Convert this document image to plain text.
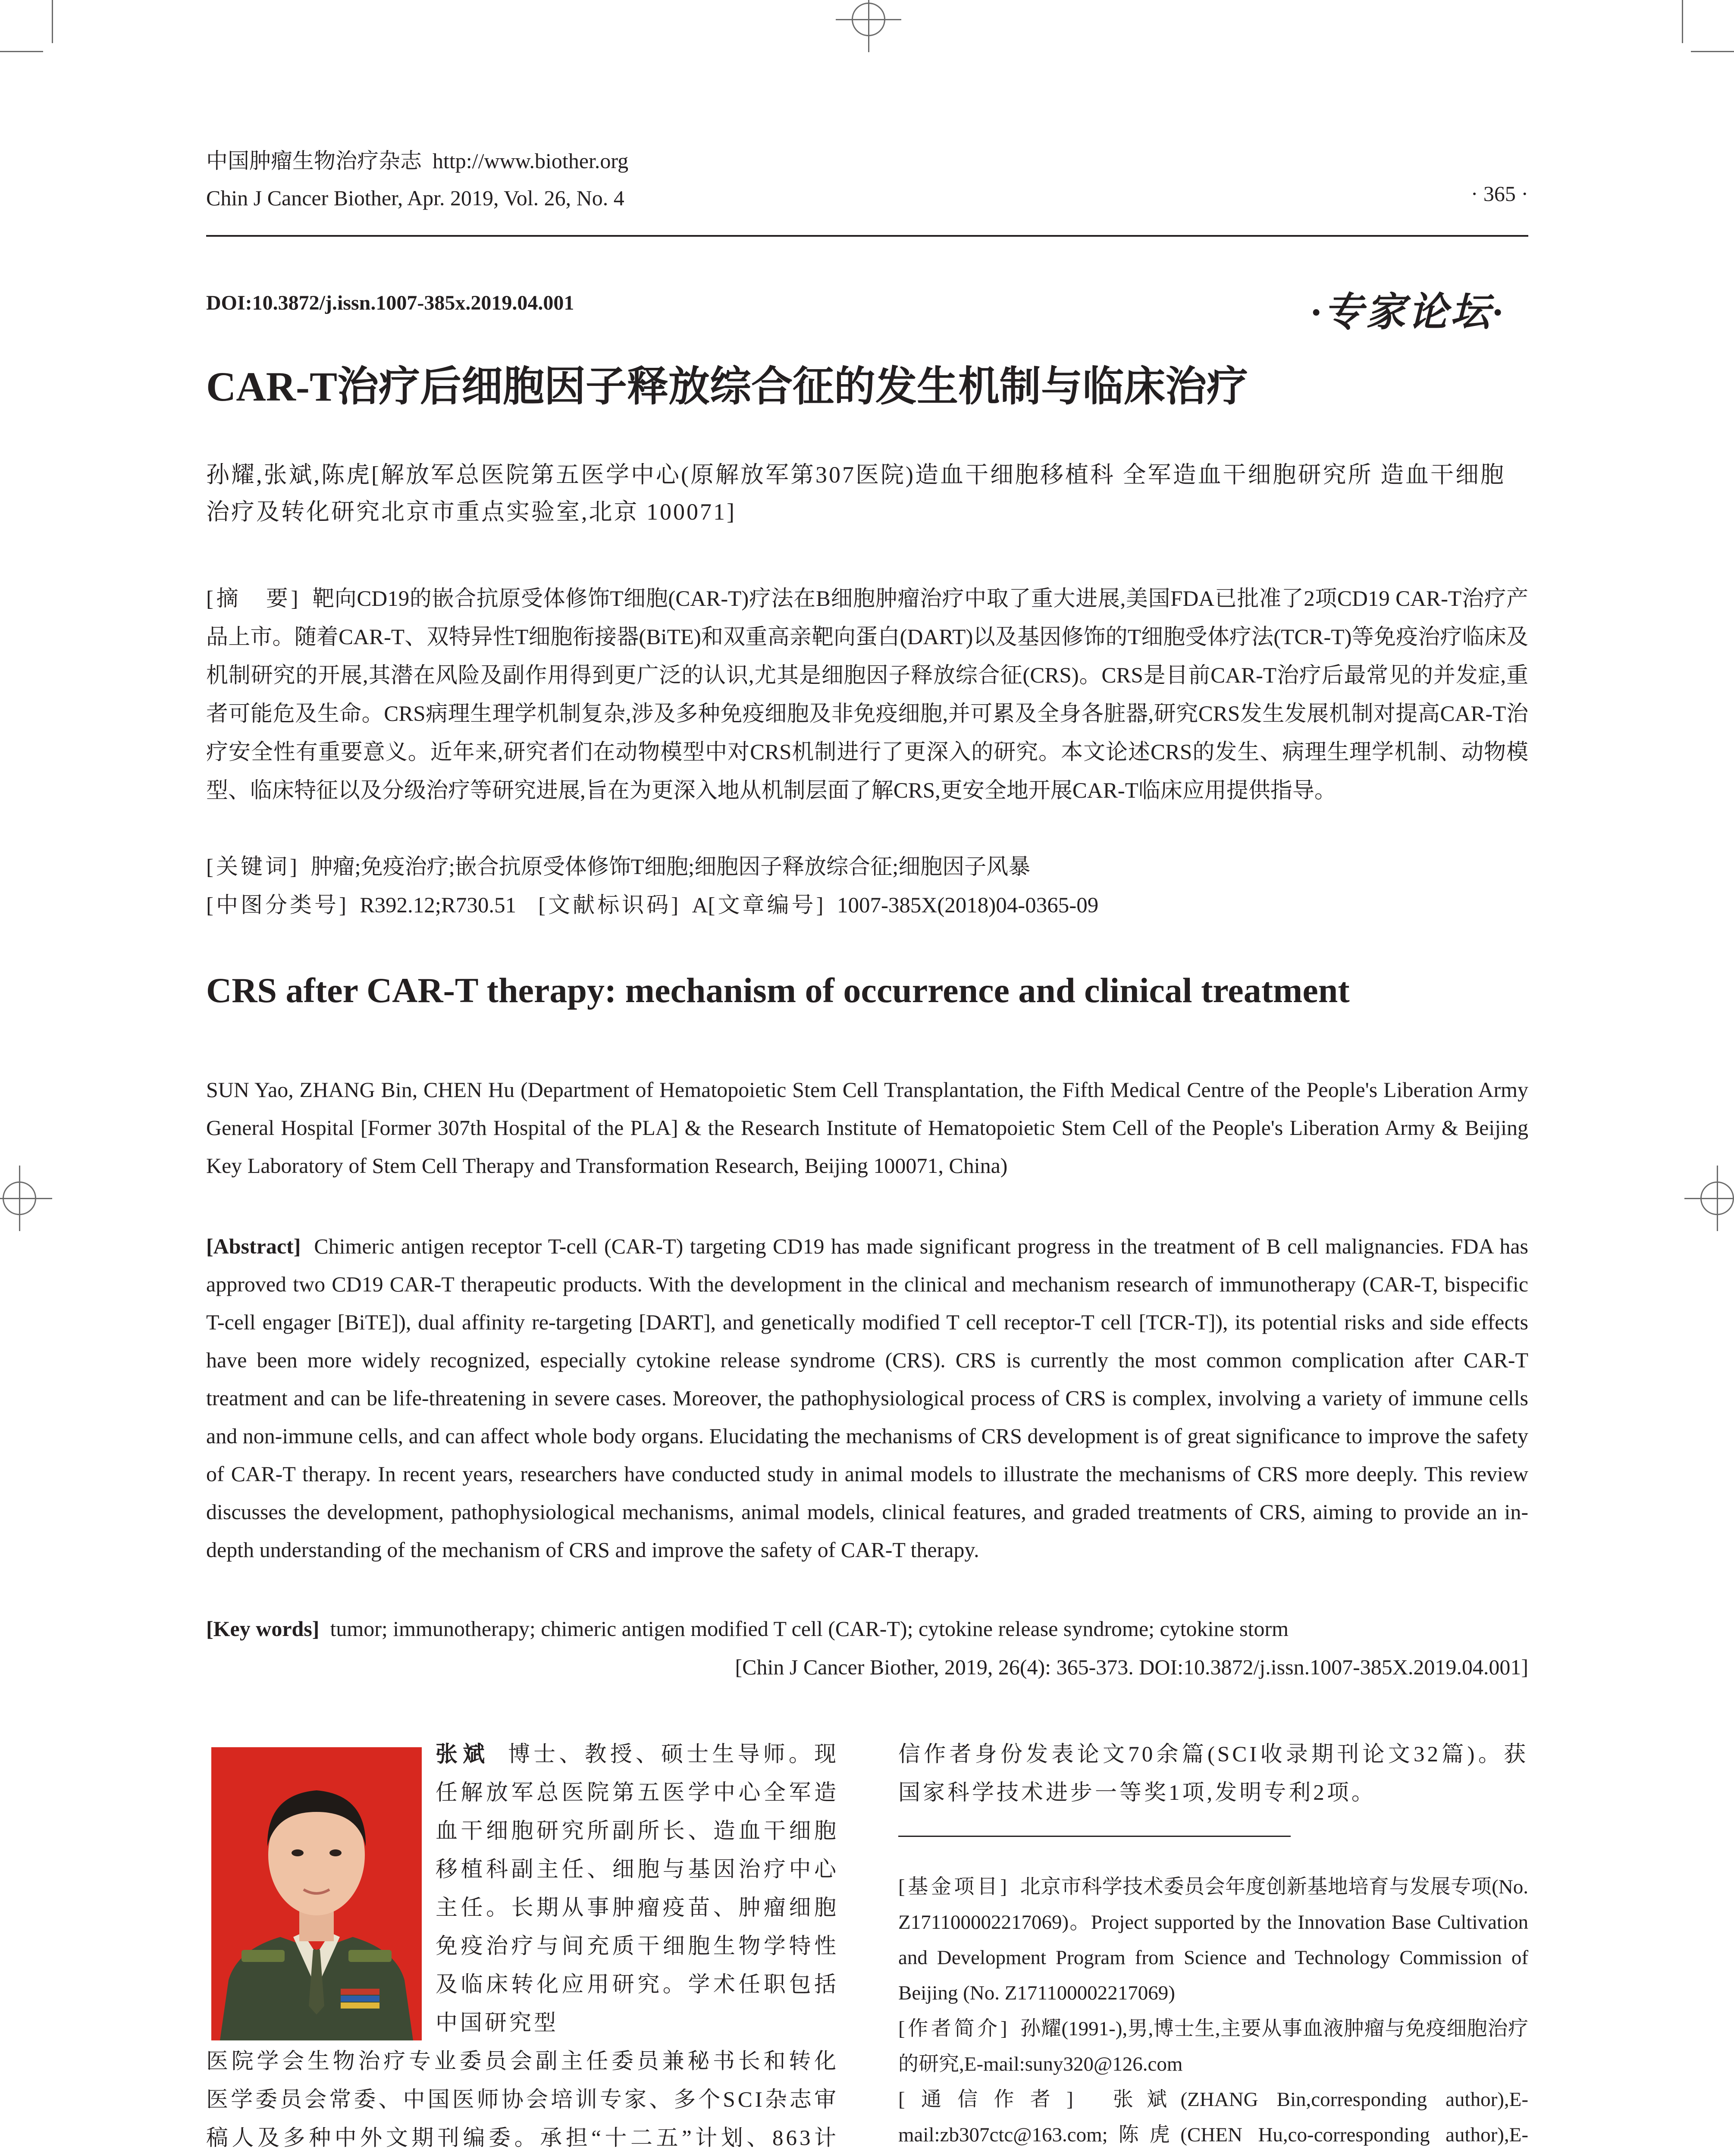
中国肿瘤生物治疗杂志 http://www.biother.org
Chin J Cancer Biother, Apr. 2019, Vol. 26, No. 4	· 365 ·
DOI:10.3872/j.issn.1007-385x.2019.04.001	·专家论坛·
CAR-T治疗后细胞因子释放综合征的发生机制与临床治疗
孙耀,张斌,陈虎[解放军总医院第五医学中心(原解放军第307医院)造血干细胞移植科 全军造血干细胞研究所 造血干细胞治疗及转化研究北京市重点实验室,北京 100071]
[摘　要] 靶向CD19的嵌合抗原受体修饰T细胞(CAR-T)疗法在B细胞肿瘤治疗中取了重大进展,美国FDA已批准了2项CD19 CAR-T治疗产品上市。随着CAR-T、双特异性T细胞衔接器(BiTE)和双重高亲靶向蛋白(DART)以及基因修饰的T细胞受体疗法(TCR-T)等免疫治疗临床及机制研究的开展,其潜在风险及副作用得到更广泛的认识,尤其是细胞因子释放综合征(CRS)。CRS是目前CAR-T治疗后最常见的并发症,重者可能危及生命。CRS病理生理学机制复杂,涉及多种免疫细胞及非免疫细胞,并可累及全身各脏器,研究CRS发生发展机制对提高CAR-T治疗安全性有重要意义。近年来,研究者们在动物模型中对CRS机制进行了更深入的研究。本文论述CRS的发生、病理生理学机制、动物模型、临床特征以及分级治疗等研究进展,旨在为更深入地从机制层面了解CRS,更安全地开展CAR-T临床应用提供指导。
[关键词] 肿瘤;免疫治疗;嵌合抗原受体修饰T细胞;细胞因子释放综合征;细胞因子风暴
[中图分类号] R392.12;R730.51 [文献标识码] A[文章编号] 1007-385X(2018)04-0365-09
CRS after CAR-T therapy: mechanism of occurrence and clinical treatment
SUN Yao, ZHANG Bin, CHEN Hu (Department of Hematopoietic Stem Cell Transplantation, the Fifth Medical Centre of the People's Liberation Army General Hospital [Former 307th Hospital of the PLA] & the Research Institute of Hematopoietic Stem Cell of the People's Liberation Army & Beijing Key Laboratory of Stem Cell Therapy and Transformation Research, Beijing 100071, China)
[Abstract] Chimeric antigen receptor T-cell (CAR-T) targeting CD19 has made significant progress in the treatment of B cell malignancies. FDA has approved two CD19 CAR-T therapeutic products. With the development in the clinical and mechanism research of immunotherapy (CAR-T, bispecific T-cell engager [BiTE]), dual affinity re-targeting [DART], and genetically modified T cell receptor-T cell [TCR-T]), its potential risks and side effects have been more widely recognized, especially cytokine release syndrome (CRS). CRS is currently the most common complication after CAR-T treatment and can be life-threatening in severe cases. Moreover, the pathophysiological process of CRS is complex, involving a variety of immune cells and non-immune cells, and can affect whole body organs. Elucidating the mechanisms of CRS development is of great significance to improve the safety of CAR-T therapy. In recent years, researchers have conducted study in animal models to illustrate the mechanisms of CRS more deeply. This review discusses the development, pathophysiological mechanisms, animal models, clinical features, and graded treatments of CRS, aiming to provide an in-depth understanding of the mechanism of CRS and improve the safety of CAR-T therapy.
[Key words] tumor; immunotherapy; chimeric antigen modified T cell (CAR-T); cytokine release syndrome; cytokine storm
[Chin J Cancer Biother, 2019, 26(4): 365-373. DOI:10.3872/j.issn.1007-385X.2019.04.001]
张斌 博士、教授、硕士生导师。现任解放军总医院第五医学中心全军造血干细胞研究所副所长、造血干细胞移植科副主任、细胞与基因治疗中心主任。长期从事肿瘤疫苗、肿瘤细胞免疫治疗与间充质干细胞生物学特性及临床转化应用研究。学术任职包括中国研究型
医院学会生物治疗专业委员会副主任委员兼秘书长和转化医学委员会常委、中国医师协会培训专家、多个SCI杂志审稿人及多种中外文期刊编委。承担“十二五”计划、863计
信作者身份发表论文70余篇(SCI收录期刊论文32篇)。获国家科学技术进步一等奖1项,发明专利2项。
[基金项目] 北京市科学技术委员会年度创新基地培育与发展专项(No. Z171100002217069)。Project supported by the Innovation Base Cultivation and Development Program from Science and Technology Commission of Beijing (No. Z171100002217069)
[作者简介] 孙耀(1991-),男,博士生,主要从事血液肿瘤与免疫细胞治疗的研究,E-mail:suny320@126.com
[通信作者] 张斌(ZHANG Bin,corresponding author),E-mail:zb307ctc@163.com;陈虎(CHEN Hu,co-corresponding author),E-
